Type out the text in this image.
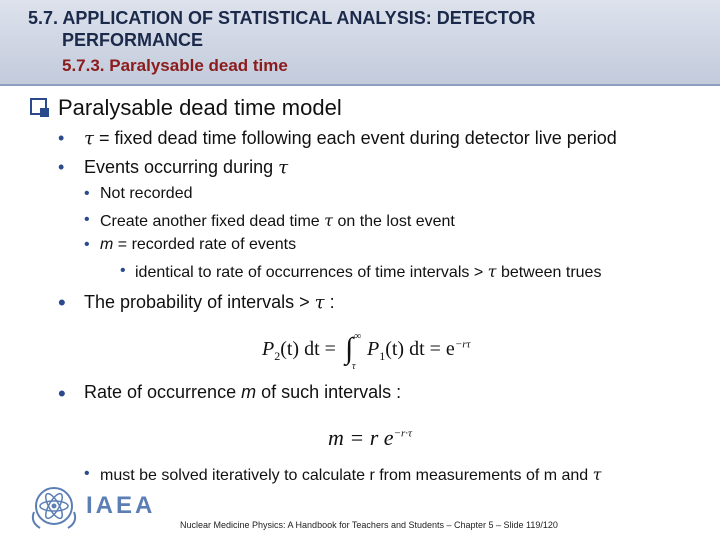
5.7. APPLICATION OF STATISTICAL ANALYSIS: DETECTOR
PERFORMANCE
5.7.3. Paralysable dead time
Paralysable dead time model
• τ = fixed dead time following each event during detector live period
• Events occurring during τ
• Not recorded
• Create another fixed dead time τ on the lost event
• m = recorded rate of events
• identical to rate of occurrences of time intervals > τ between trues
• The probability of intervals > τ :
$P_2(t)$ dt = ∫ ∞
τ
$P_1(t)$ dt = $e^{-r\tau}$
• Rate of occurrence m of such intervals :
m = r $e^{-r\cdot\tau}$
• must be solved iteratively to calculate r from measurements of m and τ
IAEA
Nuclear Medicine Physics: A Handbook for Teachers and Students – Chapter 5 – Slide 119/120
